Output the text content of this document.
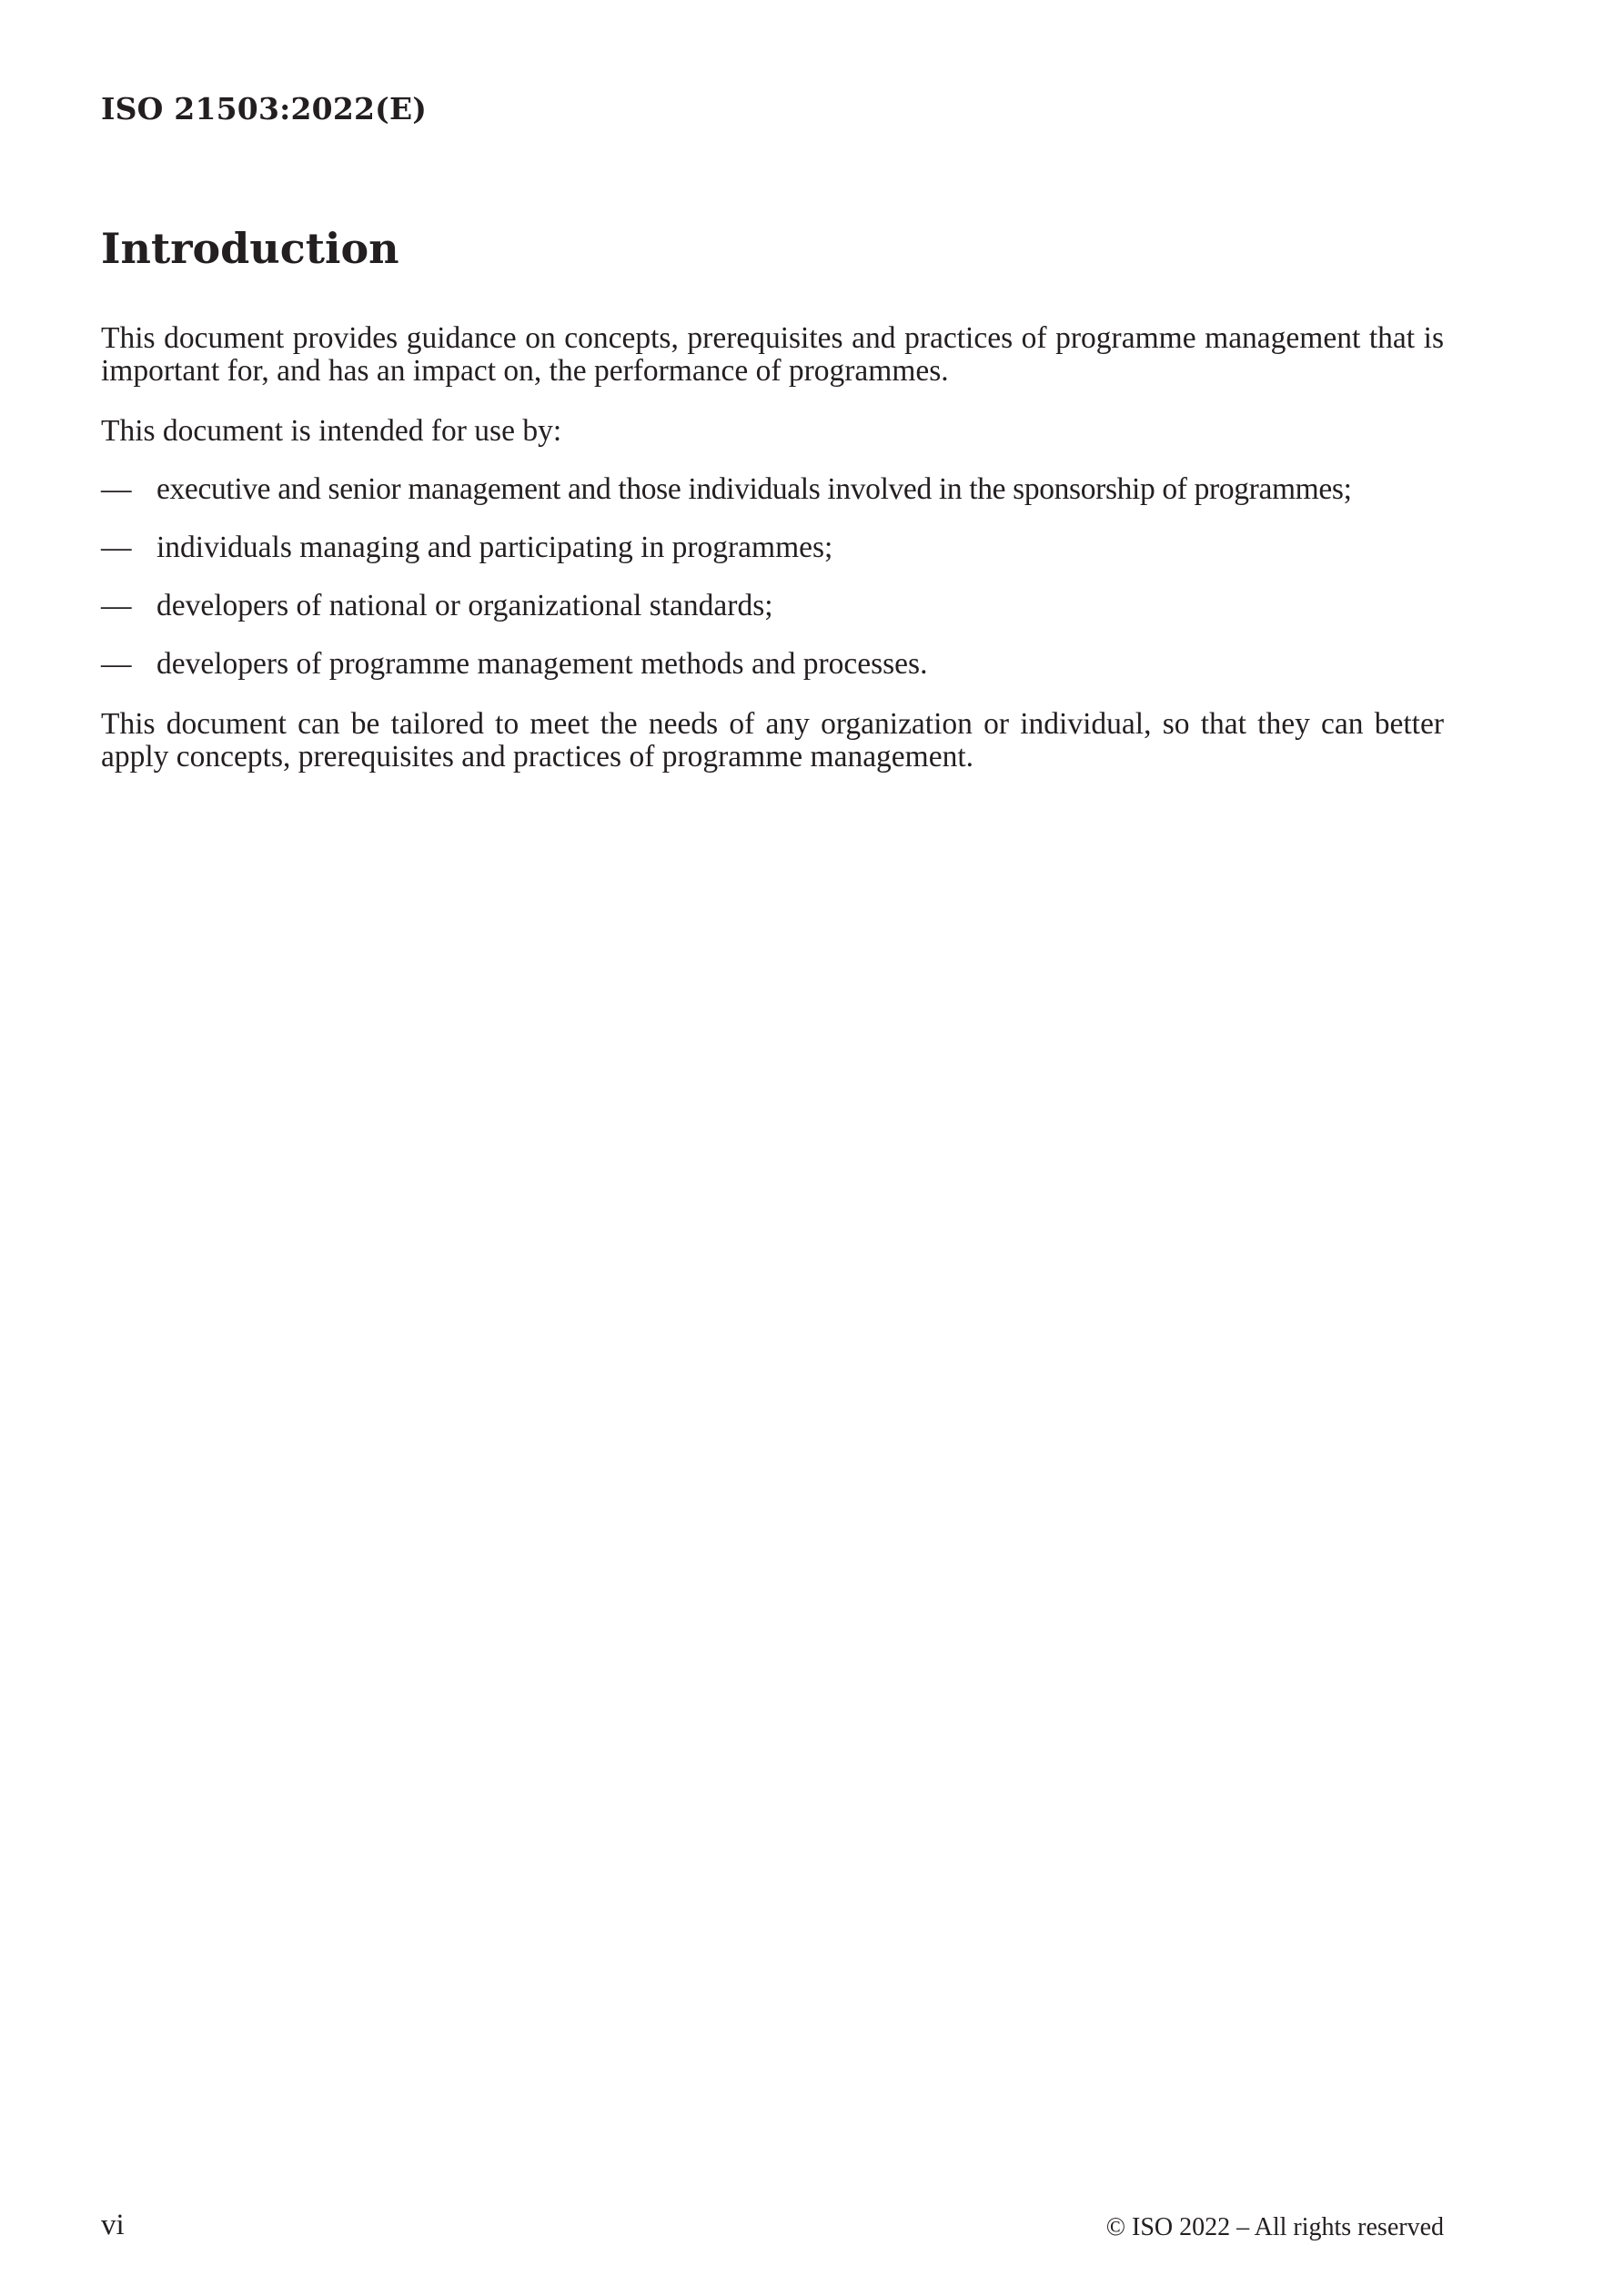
ISO 21503:2022(E)
Introduction

This document provides guidance on concepts, prerequisites and practices of programme management that is important for, and has an impact on, the performance of programmes.

This document is intended for use by:

— executive and senior management and those individuals involved in the sponsorship of programmes;
— individuals managing and participating in programmes;
— developers of national or organizational standards;
— developers of programme management methods and processes.

This document can be tailored to meet the needs of any organization or individual, so that they can better apply concepts, prerequisites and practices of programme management.

vi	© ISO 2022 – All rights reserved
